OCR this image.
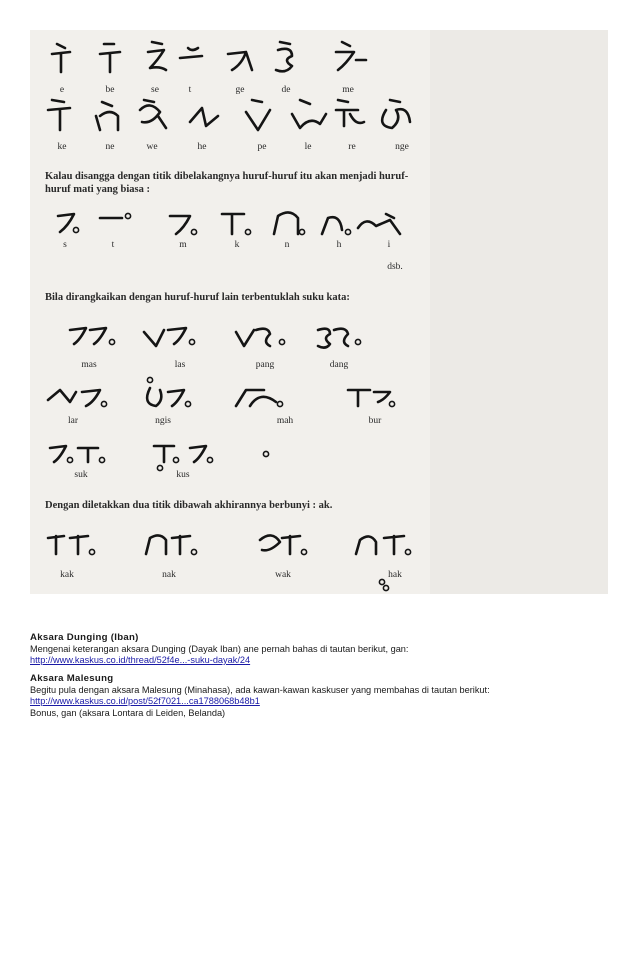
e	be	se	t	ge	de	me
ke	ne	we	he	pe	le	re	nge
Kalau disangga dengan titik dibelakangnya huruf-huruf itu akan menjadi huruf-huruf mati yang biasa :
s	t	m	k	n	h	i
dsb.
Bila dirangkaikan dengan huruf-huruf lain terbentuklah suku kata:
mas	las	pang	dang
lar	ngis	mah	bur
suk	kus
Dengan diletakkan dua titik dibawah akhirannya berbunyi : ak.
kak	nak	wak	hak
Aksara Dunging (Iban)
Mengenai keterangan aksara Dunging (Dayak Iban) ane pernah bahas di tautan berikut, gan:
http://www.kaskus.co.id/thread/52f4e...-suku-dayak/24
Aksara Malesung
Begitu pula dengan aksara Malesung (Minahasa), ada kawan-kawan kaskuser yang membahas di tautan berikut:
http://www.kaskus.co.id/post/52f7021...ca1788068b48b1
Bonus, gan (aksara Lontara di Leiden, Belanda)
